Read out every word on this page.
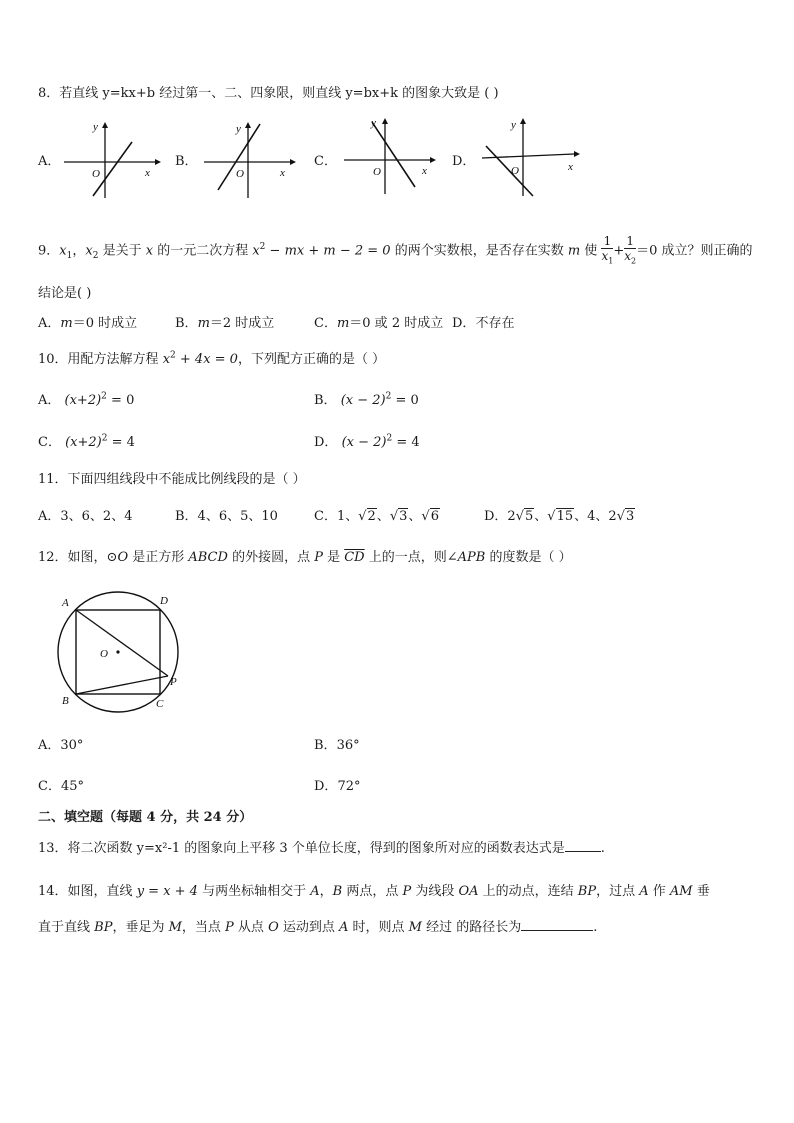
8．若直线 y=kx+b 经过第一、二、四象限，则直线 y=bx+k 的图象大致是 ( )
A．
y
x
O
B．
y
x
O
C．
y
x
O
D．
y
x
O
9．$x_1$，$x_2$ 是关于 x 的一元二次方程 $x^2$ − mx + m − 2 = 0 的两个实数根，是否存在实数 m 使 $\frac{1}{x_1} + \frac{1}{x_2} =0$ 成立？则正确的
结论是( )
A．m＝0 时成立	B．m＝2 时成立	C．m＝0 或 2 时成立 D．不存在
10．用配方法解方程 $x^2 + 4x = 0$，下列配方正确的是（ ）
A． $(x+2)^2 = 0$	B． $(x - 2)^2 = 0$
C． $(x+2)^2 = 4$	D． $(x - 2)^2 = 4$
11．下面四组线段中不能成比例线段的是（ ）
A．3、6、2、4	B．4、6、5、10	C．1、√2、√3、√6	D．2√5、√15、4、2√3
12．如图，⊙O 是正方形 ABCD 的外接圆，点 P 是 $\overline{CD}$ 上的一点，则∠APB 的度数是（ ）
A	D
O
P
B	C
A．30°	B．36°
C．45°	D．72°
二、填空题（每题 4 分，共 24 分）
13．将二次函数 y=x²-1 的图象向上平移 3 个单位长度，得到的图象所对应的函数表达式是	.
14．如图，直线 y = x + 4 与两坐标轴相交于 A，B 两点，点 P 为线段 OA 上的动点，连结 BP，过点 A 作 AM 垂
直于直线 BP，垂足为 M，当点 P 从点 O 运动到点 A 时，则点 M 经过 的路径长为	.
